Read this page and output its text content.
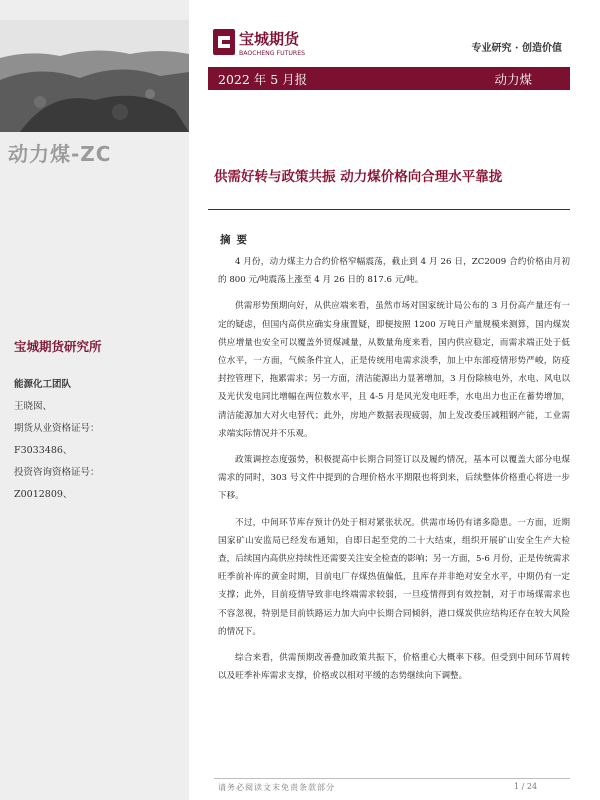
动力煤-ZC
宝城期货研究所
能源化工团队
王晓囡、
期货从业资格证号：
F3033486、
投资咨询资格证号：
Z0012809、
宝城期货
BAOCHENG FUTURES	专业研究 · 创造价值
2022 年 5 月报	动力煤
供需好转与政策共振 动力煤价格向合理水平靠拢
摘要

4 月份，动力煤主力合约价格窄幅震荡，截止到 4 月 26 日，ZC2009 合约价格由月初的 800 元/吨震荡上涨至 4 月 26 日的 817.6 元/吨。

供需形势预期向好，从供应端来看，虽然市场对国家统计局公布的 3 月份高产量还有一定的疑虑，但国内高供应确实身康置疑，即便按照 1200 万吨日产量规模来测算，国内煤炭供应增量也安全可以覆盖外贸煤减量，从数量角度来看，国内供应稳定，而需求端正处于低位水平，一方面，气候条件宜人，正是传统用电需求淡季，加上中东部疫情形势严峻，防疫封控管理下，拖累需求；另一方面，清洁能源出力显著增加，3 月份除核电外，水电、风电以及光伏发电同比增幅在两位数水平，且 4-5 月是风光发电旺季，水电出力也正在蓄势增加，清洁能源加大对火电替代；此外，房地产数据表现疲弱，加上发改委压减粗钢产能，工业需求端实际情况并不乐观。

政策调控态度强势，积极提高中长期合同签订以及履约情况，基本可以覆盖大部分电煤需求的同时，303 号文件中提到的合理价格水平期限也将到来，后续整体价格重心将进一步下移。

不过，中间环节库存预计仍处于相对紧张状况。供需市场仍有诸多隐患。一方面，近期国家矿山安监局已经发布通知，自即日起至党的二十大结束，组织开展矿山安全生产大检查，后续国内高供应持续性还需要关注安全检查的影响；另一方面，5-6 月份，正是传统需求旺季前补库的黄金时期，目前电厂存煤热值偏低，且库存并非绝对安全水平，中期仍有一定支撑；此外，目前疫情导致非电终端需求较弱，一旦疫情得到有效控制，对于市场煤需求也不容忽视，特别是目前铁路运力加大向中长期合同倾斜，港口煤炭供应结构还存在较大风险的情况下。

综合来看，供需预期改善叠加政策共振下，价格重心大概率下移。但受到中间环节周转以及旺季补库需求支撑，价格或以相对平缓的态势继续向下调整。

请务必阅读文末免责条款部分	1 / 24
